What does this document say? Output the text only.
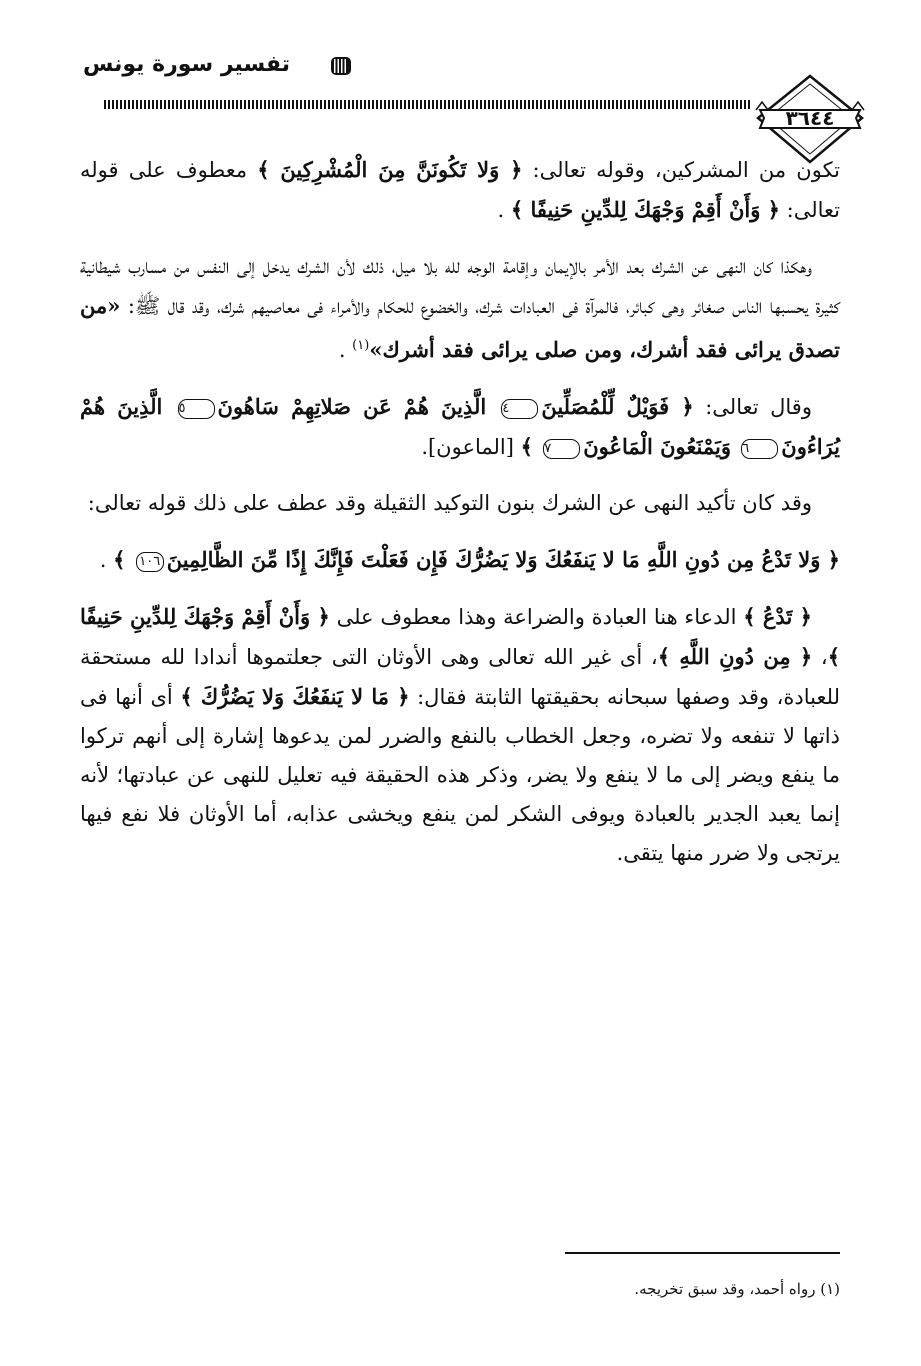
تفسير سورة يونس
٣٦٤٤

تكون من المشركين، وقوله تعالى: ﴿ وَلا تَكُونَنَّ مِنَ الْمُشْرِكِينَ ﴾ معطوف على قوله تعالى: ﴿ وَأَنْ أَقِمْ وَجْهَكَ لِلدِّينِ حَنِيفًا ﴾ .

وهكذا كان النهى عن الشرك بعد الأمر بالإيمان وإقامة الوجه لله بلا ميل، ذلك لأن الشرك يدخل إلى النفس من مسارب شيطانية كثيرة يحسبها الناس صغائر وهى كبائر، فالمرآة فى العبادات شرك، والخضوع للحكام والأمراء فى معاصيهم شرك، وقد قال ﷺ: «من تصدق يرائى فقد أشرك، ومن صلى يرائى فقد أشرك»$^{(١)}$ .

وقال تعالى: ﴿ فَوَيْلٌ لِّلْمُصَلِّينَ٤ الَّذِينَ هُمْ عَن صَلاتِهِمْ سَاهُونَ٥ الَّذِينَ هُمْ يُرَاءُونَ٦ وَيَمْنَعُونَ الْمَاعُونَ٧ ﴾ [الماعون].

وقد كان تأكيد النهى عن الشرك بنون التوكيد الثقيلة وقد عطف على ذلك قوله تعالى:

﴿ وَلا تَدْعُ مِن دُونِ اللَّهِ مَا لا يَنفَعُكَ وَلا يَضُرُّكَ فَإِن فَعَلْتَ فَإِنَّكَ إِذًا مِّنَ الظَّالِمِينَ١٠٦ ﴾ .

﴿ تَدْعُ ﴾ الدعاء هنا العبادة والضراعة وهذا معطوف على ﴿ وَأَنْ أَقِمْ وَجْهَكَ لِلدِّينِ حَنِيفًا ﴾، ﴿ مِن دُونِ اللَّهِ ﴾، أى غير الله تعالى وهى الأوثان التى جعلتموها أندادا لله مستحقة للعبادة، وقد وصفها سبحانه بحقيقتها الثابتة فقال: ﴿ مَا لا يَنفَعُكَ وَلا يَضُرُّكَ ﴾ أى أنها فى ذاتها لا تنفعه ولا تضره، وجعل الخطاب بالنفع والضرر لمن يدعوها إشارة إلى أنهم تركوا ما ينفع ويضر إلى ما لا ينفع ولا يضر، وذكر هذه الحقيقة فيه تعليل للنهى عن عبادتها؛ لأنه إنما يعبد الجدير بالعبادة ويوفى الشكر لمن ينفع ويخشى عذابه، أما الأوثان فلا نفع فيها يرتجى ولا ضرر منها يتقى.

(١) رواه أحمد، وقد سبق تخريجه.
